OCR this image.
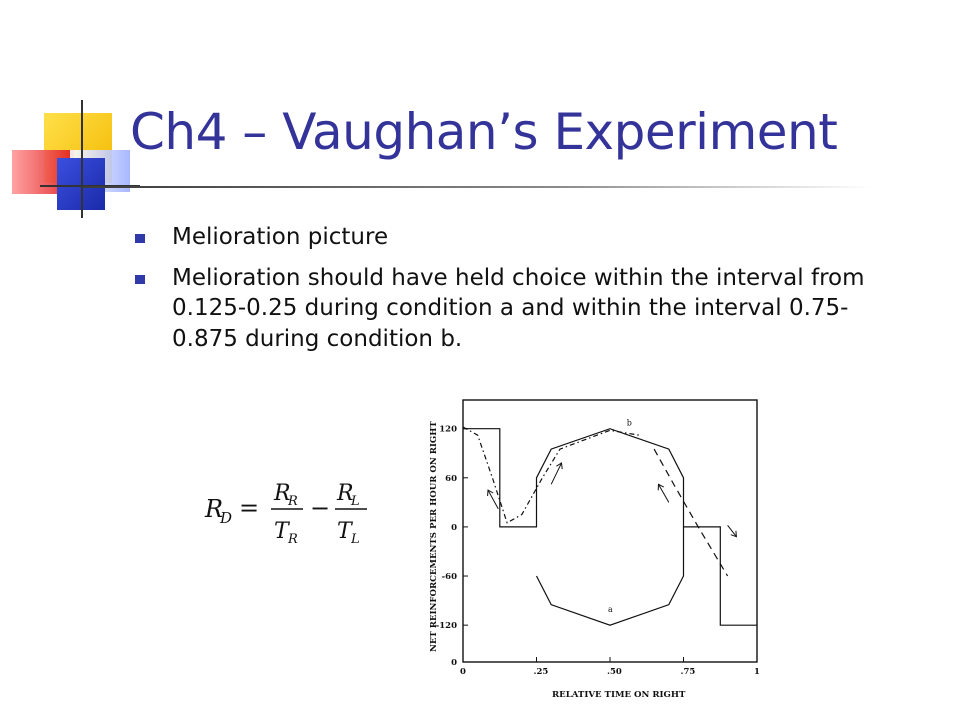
Ch4 – Vaughan’s Experiment
Melioration picture
Melioration should have held choice within the interval from 0.125-0.25 during condition a and within the interval 0.75-0.875 during condition b.
R
D =
R
R
T R
−
R
L
T L
0	.25	.50	.75	1
120
60
0
-60
-120
0
b
a
NET REINFORCEMENTS PER HOUR ON RIGHT
RELATIVE TIME ON RIGHT
